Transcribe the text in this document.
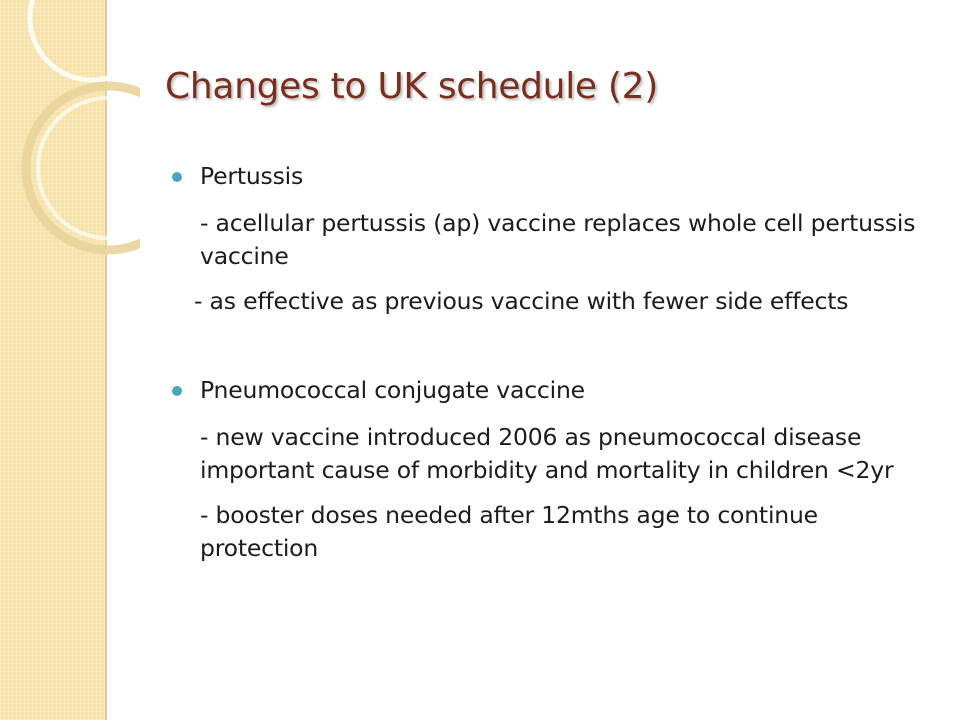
Changes to UK schedule (2)
Pertussis
- acellular pertussis (ap) vaccine replaces whole cell pertussis vaccine
- as effective as previous vaccine with fewer side effects
Pneumococcal conjugate vaccine
- new vaccine introduced 2006 as pneumococcal disease important cause of morbidity and mortality in children <2yr
- booster doses needed after 12mths age to continue protection
